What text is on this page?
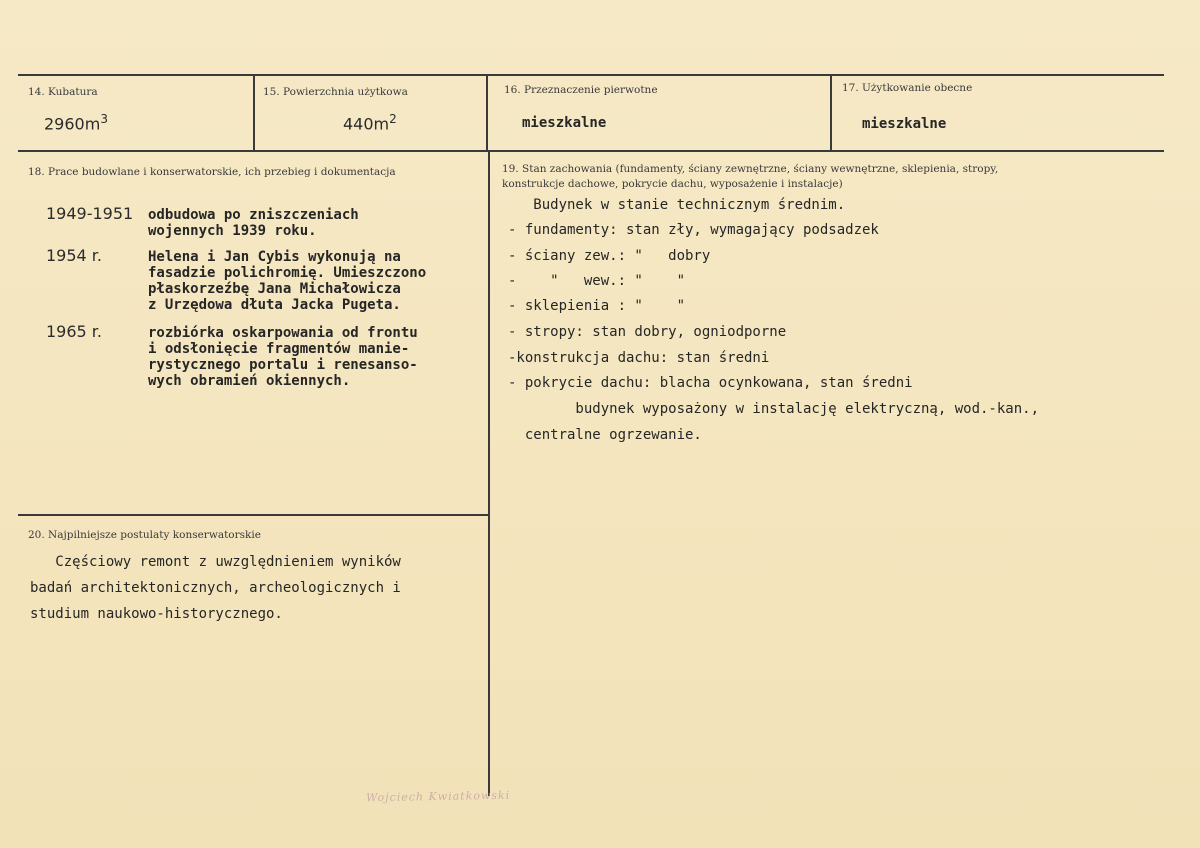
14. Kubatura
$2960m^3$
15. Powierzchnia użytkowa
$440m^2$
16. Przeznaczenie pierwotne
mieszkalne
17. Użytkowanie obecne
mieszkalne
18. Prace budowlane i konserwatorskie, ich przebieg i dokumentacja
1949-1951 odbudowa po zniszczeniach
wojennych 1939 roku.
1954 r.	Helena i Jan Cybis wykonują na
fasadzie polichromię. Umieszczono
płaskorzeźbę Jana Michałowicza
z Urzędowa dłuta Jacka Pugeta.
1965 r.	rozbiórka oskarpowania od frontu
i odsłonięcie fragmentów manie-
rystycznego portalu i renesanso-
wych obramień okiennych.
19. Stan zachowania (fundamenty, ściany zewnętrzne, ściany wewnętrzne, sklepienia, stropy,
konstrukcje dachowe, pokrycie dachu, wyposażenie i instalacje)
Budynek w stanie technicznym średnim.
- fundamenty: stan zły, wymagający podsadzek
- ściany zew.: "   dobry
-    "   wew.: "    "
- sklepienia : "    "
- stropy: stan dobry, ogniodporne
-konstrukcja dachu: stan średni
- pokrycie dachu: blacha ocynkowana, stan średni
budynek wyposażony w instalację elektryczną, wod.-kan.,
centralne ogrzewanie.
20. Najpilniejsze postulaty konserwatorskie
Częściowy remont z uwzględnieniem wyników
badań architektonicznych, archeologicznych i
studium naukowo-historycznego.
Wojciech Kwiatkowski
